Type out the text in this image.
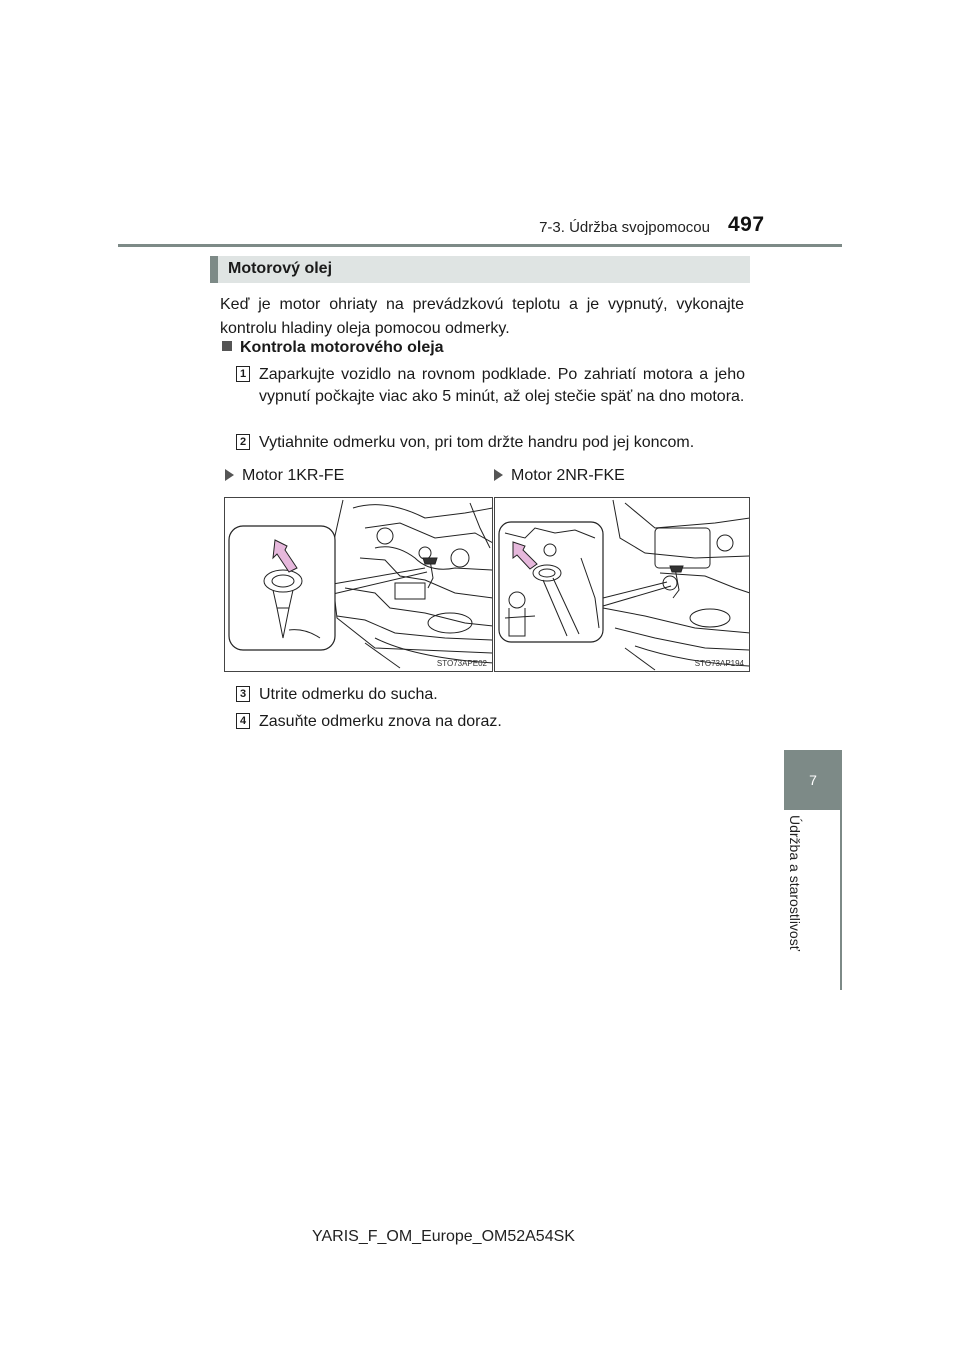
7-3. Údržba svojpomocou 497
7
Údržba a starostlivosť
Motorový olej
Keď je motor ohriaty na prevádzkovú teplotu a je vypnutý, vykonajte kontrolu hladiny oleja pomocou odmerky.
Kontrola motorového oleja
1 Zaparkujte vozidlo na rovnom podklade. Po zahriatí motora a jeho vypnutí počkajte viac ako 5 minút, až olej stečie späť na dno motora.
2 Vytiahnite odmerku von, pri tom držte handru pod jej koncom.
Motor 1KR-FE	Motor 2NR-FKE
STO73APE02	STO73AP194
3 Utrite odmerku do sucha.
4 Zasuňte odmerku znova na doraz.
YARIS_F_OM_Europe_OM52A54SK
